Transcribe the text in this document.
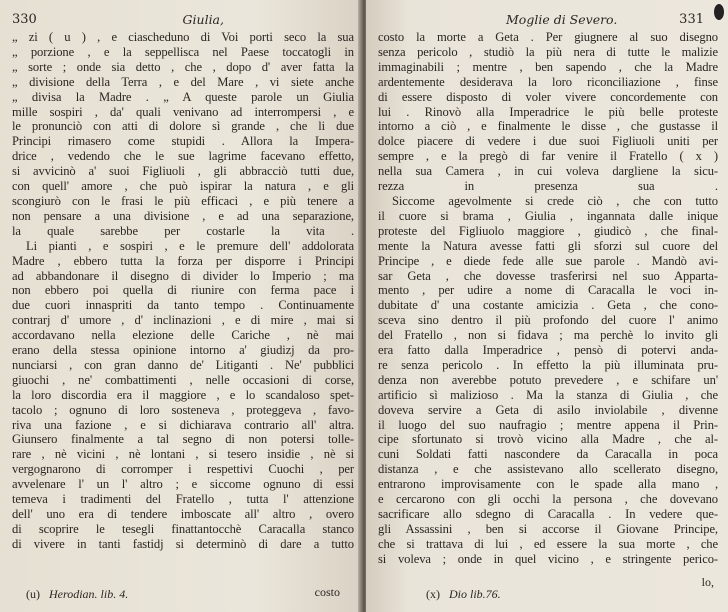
330	Giulia,
„ zi ( u ) , e ciascheduno di Voi porti seco la sua
„ porzione , e la seppellisca nel Paese toccatogli in
„ sorte ; onde sia detto , che , dopo d' aver fatta la
„ divisione della Terra , e del Mare , vi siete anche
„ divisa la Madre . „ A queste parole un Giulia
mille sospiri , da' quali venivano ad interrompersi , e
le pronunciò con atti di dolore sì grande , che li due
Principi rimasero come stupidi . Allora la Impera-
drice , vedendo che le sue lagrime facevano effetto,
si avvicinò a' suoi Figliuoli , gli abbracciò tutti due,
con quell' amore , che può ispirar la natura , e gli
scongiurò con le frasi le più efficaci , e più tenere a
non pensare a una divisione , e ad una separazione,
la quale sarebbe per costarle la vita .
Li pianti , e sospiri , e le premure dell' addolorata
Madre , ebbero tutta la forza per disporre i Principi
ad abbandonare il disegno di divider lo Imperio ; ma
non ebbero poi quella di riunire con ferma pace i
due cuori innaspriti da tanto tempo . Continuamente
contrarj d' umore , d' inclinazioni , e di mire , mai si
accordavano nella elezione delle Cariche , nè mai
erano della stessa opinione intorno a' giudizj da pro-
nunciarsi , con gran danno de' Litiganti . Ne' pubblici
giuochi , ne' combattimenti , nelle occasioni di corse,
la loro discordia era il maggiore , e lo scandaloso spet-
tacolo ; ognuno di loro sosteneva , proteggeva , favo-
riva una fazione , e si dichiarava contrario all' altra.
Giunsero finalmente a tal segno di non potersi tolle-
rare , nè vicini , nè lontani , si tesero insidie , nè si
vergognarono di corromper i respettivi Cuochi , per
avvelenare l' un l' altro ; e siccome ognuno di essi
temeva i tradimenti del Fratello , tutta l' attenzione
dell' uno era di tendere imboscate all' altro , overo
di scoprire le tesegli finattantocchè Caracalla stanco
di vivere in tanti fastidj si determinò di dare a tutto
costo
(u) Herodian. lib. 4.
Moglie di Severo.	331
costo la morte a Geta . Per giugnere al suo disegno
senza pericolo , studiò la più nera di tutte le malizie
immaginabili ; mentre , ben sapendo , che la Madre
ardentemente desiderava la loro riconciliazione , finse
di essere disposto di voler vivere concordemente con
lui . Rinovò alla Imperadrice le più belle proteste
intorno a ciò , e finalmente le disse , che gustasse il
dolce piacere di vedere i due suoi Figliuoli uniti per
sempre , e la pregò di far venire il Fratello ( x )
nella sua Camera , in cui voleva dargliene la sicu-
rezza in presenza sua .
Siccome agevolmente si crede ciò , che con tutto
il cuore si brama , Giulia , ingannata dalle inique
proteste del Figliuolo maggiore , giudicò , che final-
mente la Natura avesse fatti gli sforzi sul cuore del
Principe , e diede fede alle sue parole . Mandò avi-
sar Geta , che dovesse trasferirsi nel suo Apparta-
mento , per udire a nome di Caracalla le voci in-
dubitate d' una costante amicizia . Geta , che cono-
sceva sino dentro il più profondo del cuore l' animo
del Fratello , non si fidava ; ma perchè lo invito gli
era fatto dalla Imperadrice , pensò di potervi anda-
re senza pericolo . In effetto la più illuminata pru-
denza non averebbe potuto prevedere , e schifare un'
artificio sì malizioso . Ma la stanza di Giulia , che
doveva servire a Geta di asilo inviolabile , divenne
il luogo del suo naufragio ; mentre appena il Prin-
cipe sfortunato si trovò vicino alla Madre , che al-
cuni Soldati fatti nascondere da Caracalla in poca
distanza , e che assistevano allo scellerato disegno,
entrarono improvisamente con le spade alla mano ,
e cercarono con gli occhi la persona , che dovevano
sacrificare allo sdegno di Caracalla . In vedere que-
gli Assassini , ben si accorse il Giovane Principe,
che si trattava di lui , ed essere la sua morte , che
si voleva ; onde in quel vicino , e stringente perico-
lo,
(x) Dio lib.76.
